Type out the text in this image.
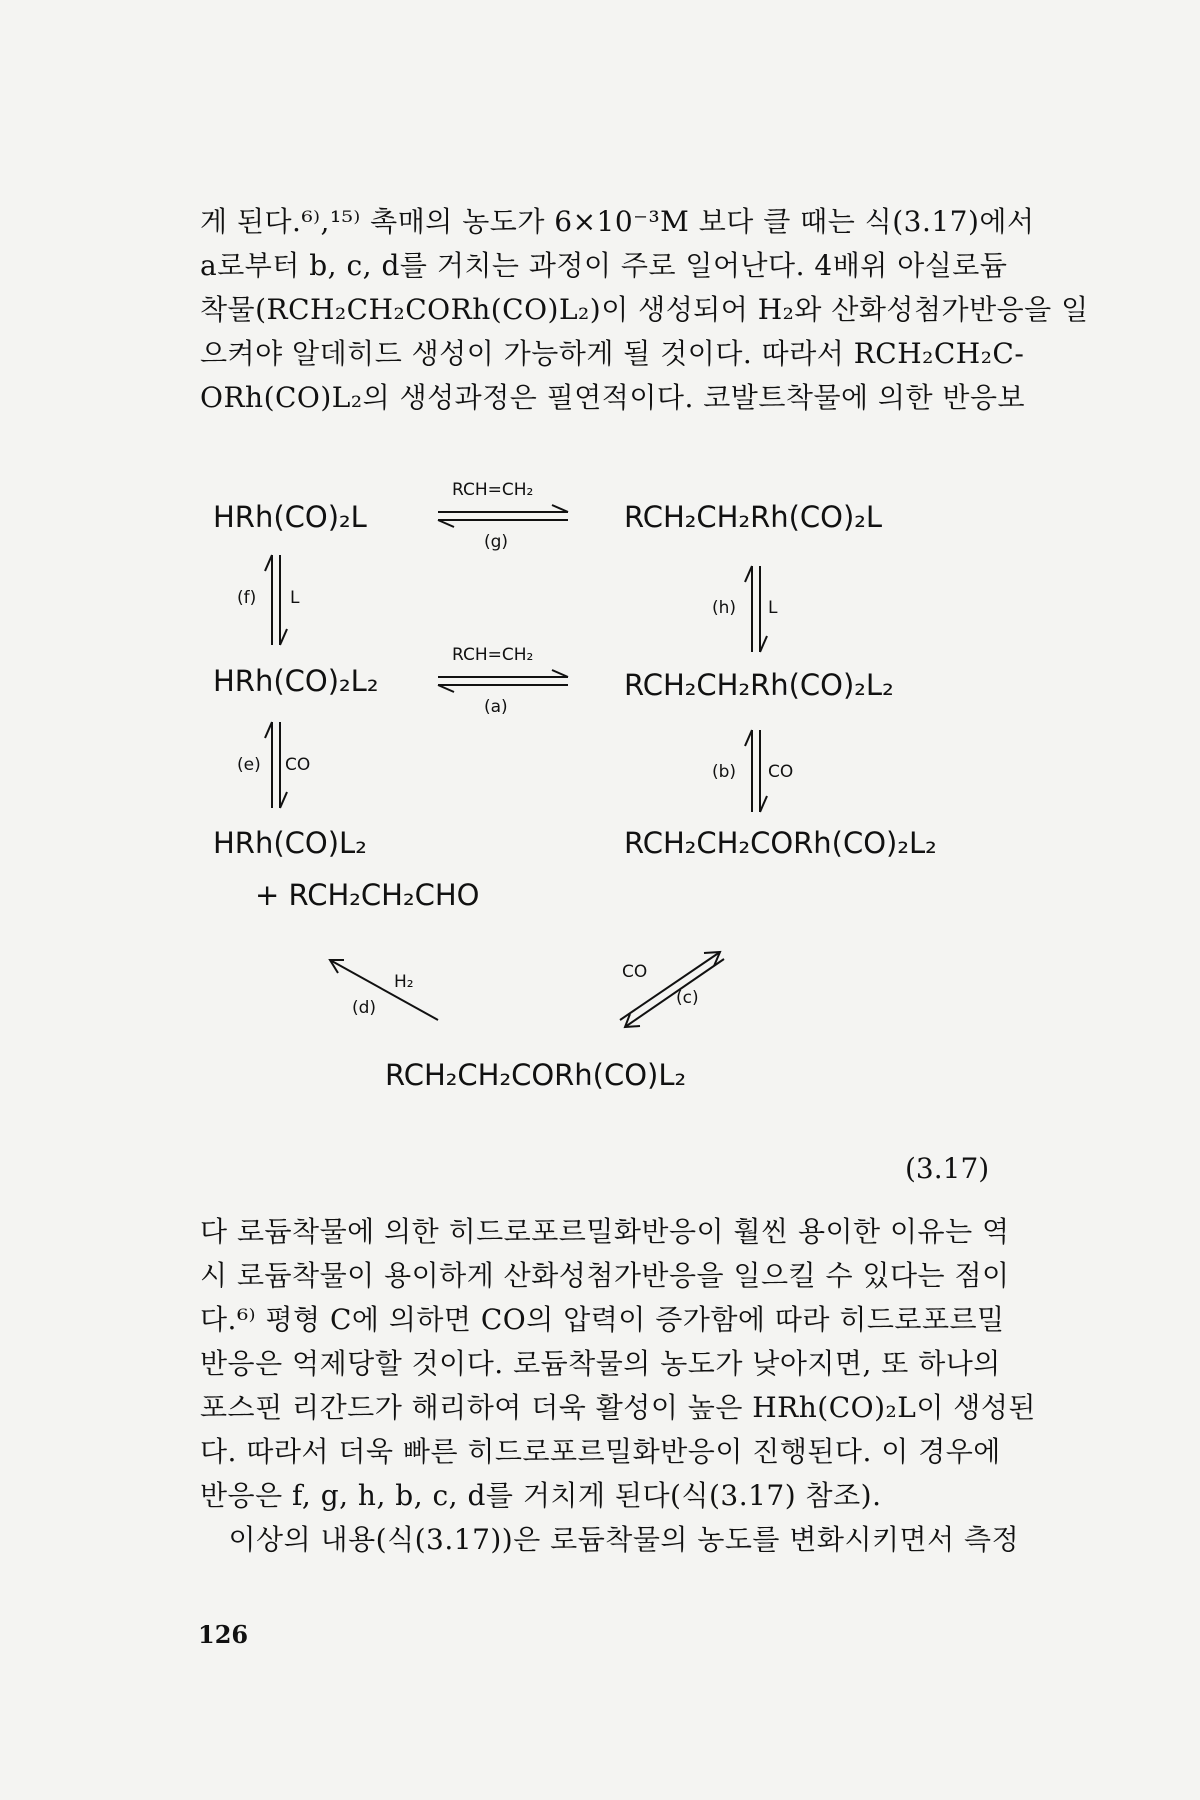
게 된다.⁶⁾,¹⁵⁾ 촉매의 농도가 6×10⁻³M 보다 클 때는 식(3.17)에서

a로부터 b, c, d를 거치는 과정이 주로 일어난다. 4배위 아실로듐

착물(RCH₂CH₂CORh(CO)L₂)이 생성되어 H₂와 산화성첨가반응을 일

으켜야 알데히드 생성이 가능하게 될 것이다. 따라서 RCH₂CH₂C-

ORh(CO)L₂의 생성과정은 필연적이다. 코발트착물에 의한 반응보

HRh(CO)₂L	RCH₂CH₂Rh(CO)₂L
HRh(CO)₂L₂	RCH₂CH₂Rh(CO)₂L₂
HRh(CO)L₂
+ RCH₂CH₂CHO
RCH₂CH₂CORh(CO)₂L₂
RCH₂CH₂CORh(CO)L₂
RCH=CH₂
(g)
RCH=CH₂
(a)
(f) L	(h) L
(e) CO	(b) CO
H₂
(d)
CO
(c)
(3.17)

다 로듐착물에 의한 히드로포르밀화반응이 훨씬 용이한 이유는 역

시 로듐착물이 용이하게 산화성첨가반응을 일으킬 수 있다는 점이

다.⁶⁾ 평형 C에 의하면 CO의 압력이 증가함에 따라 히드로포르밀

반응은 억제당할 것이다. 로듐착물의 농도가 낮아지면, 또 하나의

포스핀 리간드가 해리하여 더욱 활성이 높은 HRh(CO)₂L이 생성된

다. 따라서 더욱 빠른 히드로포르밀화반응이 진행된다. 이 경우에

반응은 f, g, h, b, c, d를 거치게 된다(식(3.17) 참조).

　이상의 내용(식(3.17))은 로듐착물의 농도를 변화시키면서 측정

126
